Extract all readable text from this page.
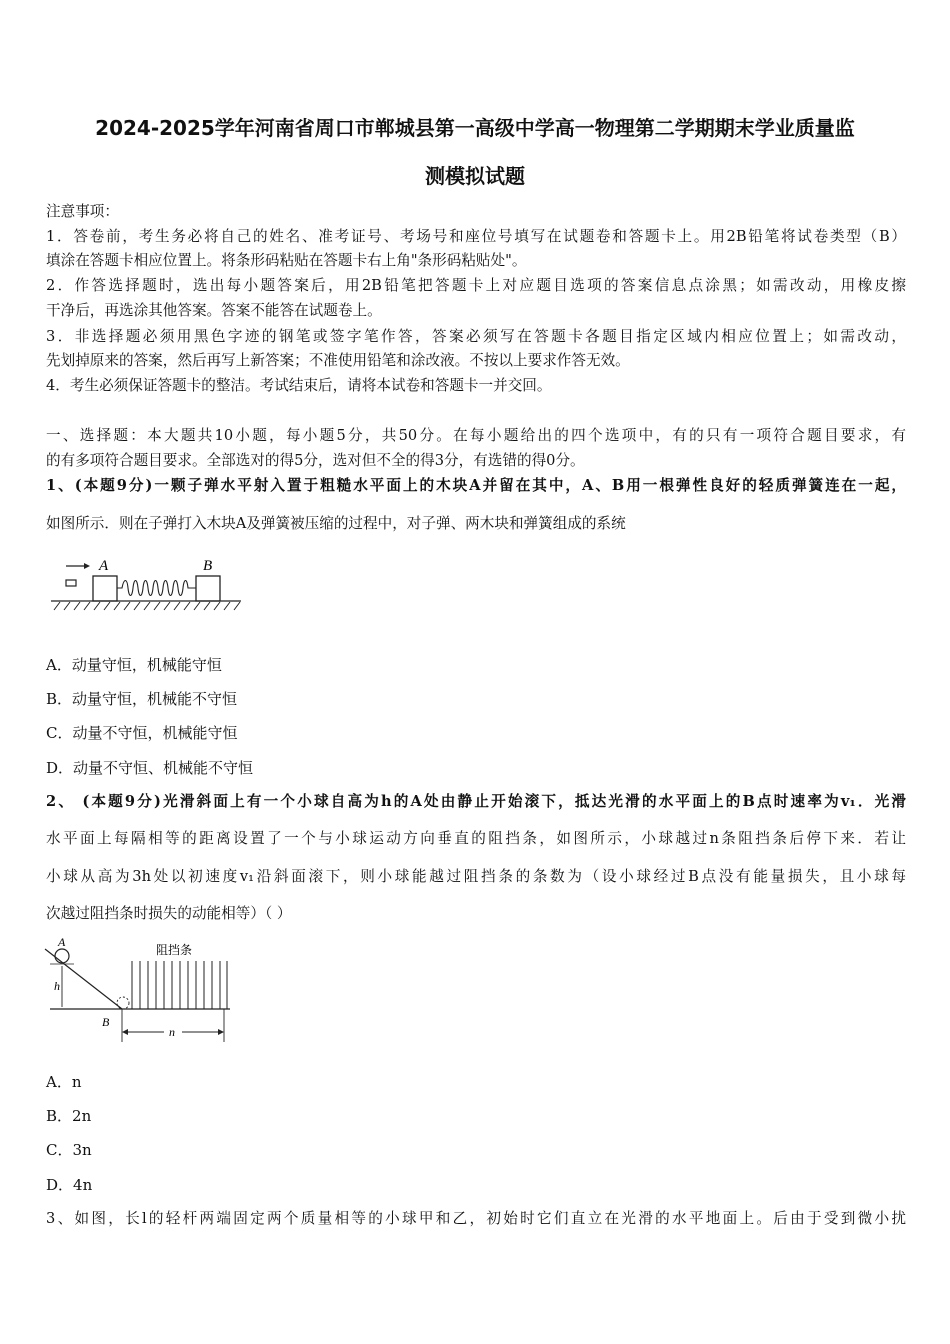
2024-2025学年河南省周口市郸城县第一高级中学高一物理第二学期期末学业质量监
测模拟试题
注意事项：
1．答卷前，考生务必将自己的姓名、准考证号、考场号和座位号填写在试题卷和答题卡上。用2B铅笔将试卷类型（B）
填涂在答题卡相应位置上。将条形码粘贴在答题卡右上角"条形码粘贴处"。
2．作答选择题时，选出每小题答案后，用2B铅笔把答题卡上对应题目选项的答案信息点涂黑；如需改动，用橡皮擦
干净后，再选涂其他答案。答案不能答在试题卷上。
3．非选择题必须用黑色字迹的钢笔或签字笔作答，答案必须写在答题卡各题目指定区域内相应位置上；如需改动，
先划掉原来的答案，然后再写上新答案；不准使用铅笔和涂改液。不按以上要求作答无效。
4．考生必须保证答题卡的整洁。考试结束后，请将本试卷和答题卡一并交回。
一、选择题：本大题共10小题，每小题5分，共50分。在每小题给出的四个选项中，有的只有一项符合题目要求，有
的有多项符合题目要求。全部选对的得5分，选对但不全的得3分，有选错的得0分。
1、(本题9分)一颗子弹水平射入置于粗糙水平面上的木块A并留在其中，A、B用一根弹性良好的轻质弹簧连在一起，
如图所示．则在子弹打入木块A及弹簧被压缩的过程中，对子弹、两木块和弹簧组成的系统
A	B
A．动量守恒，机械能守恒
B．动量守恒，机械能不守恒
C．动量不守恒，机械能守恒
D．动量不守恒、机械能不守恒
2、 (本题9分)光滑斜面上有一个小球自高为h的A处由静止开始滚下，抵达光滑的水平面上的B点时速率为v₁．光滑
水平面上每隔相等的距离设置了一个与小球运动方向垂直的阻挡条，如图所示，小球越过n条阻挡条后停下来．若让
小球从高为3h处以初速度v₁沿斜面滚下，则小球能越过阻挡条的条数为（设小球经过B点没有能量损失，且小球每
次越过阻挡条时损失的动能相等）（ ）
A
h
B
n
阻挡条
A．n
B．2n
C．3n
D．4n
3、如图，长l的轻杆两端固定两个质量相等的小球甲和乙，初始时它们直立在光滑的水平地面上。后由于受到微小扰
